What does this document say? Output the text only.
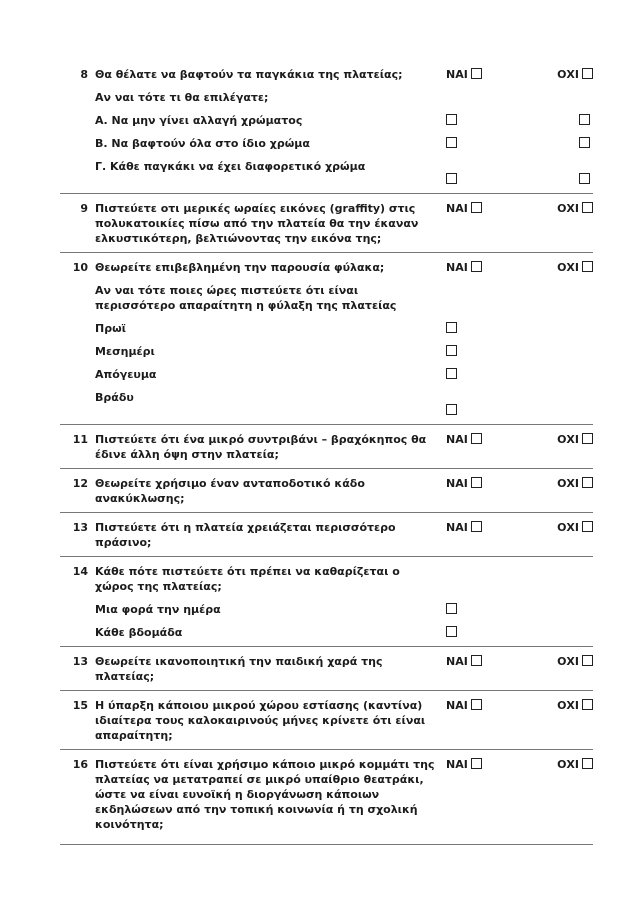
8 Θα θέλατε να βαφτούν τα παγκάκια της πλατείας;	ΝΑΙ	ΟΧΙ
Αν ναι τότε τι θα επιλέγατε;
Α. Να μην γίνει αλλαγή χρώματος
Β. Να βαφτούν όλα στο ίδιο χρώμα
Γ. Κάθε παγκάκι να έχει διαφορετικό χρώμα
9 Πιστεύετε οτι μερικές ωραίες εικόνες (graffity) στις πολυκατοικίες πίσω από την πλατεία θα την έκαναν ελκυστικότερη, βελτιώνοντας την εικόνα της;
ΝΑΙ	ΟΧΙ
10 Θεωρείτε επιβεβλημένη την παρουσία φύλακα;	ΝΑΙ	ΟΧΙ
Αν ναι τότε ποιες ώρες πιστεύετε ότι είναι περισσότερο απαραίτητη η φύλαξη της πλατείας
Πρωϊ
Μεσημέρι
Απόγευμα
Βράδυ
11 Πιστεύετε ότι ένα μικρό συντριβάνι – βραχόκηπος θα έδινε άλλη όψη στην πλατεία;
ΝΑΙ	ΟΧΙ
12 Θεωρείτε χρήσιμο έναν ανταποδοτικό κάδο ανακύκλωσης;
ΝΑΙ	ΟΧΙ
13 Πιστεύετε ότι η πλατεία χρειάζεται περισσότερο πράσινο;
ΝΑΙ	ΟΧΙ
14 Κάθε πότε πιστεύετε ότι πρέπει να καθαρίζεται ο χώρος της πλατείας;
Μια φορά την ημέρα
Κάθε βδομάδα
13 Θεωρείτε ικανοποιητική την παιδική χαρά της πλατείας;
ΝΑΙ	ΟΧΙ
15 Η ύπαρξη κάποιου μικρού χώρου εστίασης (καντίνα) ιδιαίτερα τους καλοκαιρινούς μήνες κρίνετε ότι είναι απαραίτητη;
ΝΑΙ	ΟΧΙ
16 Πιστεύετε ότι είναι χρήσιμο κάποιο μικρό κομμάτι της πλατείας να μετατραπεί σε μικρό υπαίθριο θεατράκι, ώστε να είναι ευνοϊκή η διοργάνωση κάποιων εκδηλώσεων από την τοπική κοινωνία ή τη σχολική κοινότητα;
ΝΑΙ	ΟΧΙ
